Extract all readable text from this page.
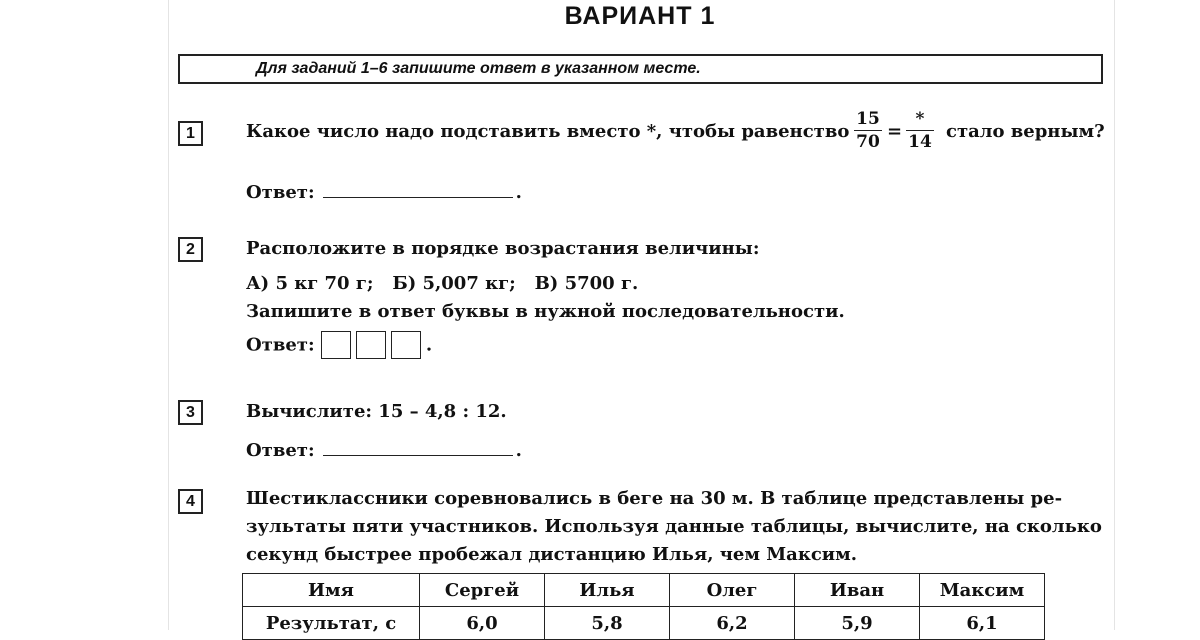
ВАРИАНТ 1
Для заданий 1–6 запишите ответ в указанном месте.
1	Какое число надо подставить вместо *, чтобы равенство
15
70 =
*
14 стало верным?
Ответ:	.
2	Расположите в порядке возрастания величины:
А) 5 кг 70 г;   Б) 5,007 кг;   В) 5700 г.
Запишите в ответ буквы в нужной последовательности.
Ответ:	.
3	Вычислите: 15 – 4,8 : 12.
Ответ:	.
4	Шестиклассники соревновались в беге на 30 м. В таблице представлены ре-
зультаты пяти участников. Используя данные таблицы, вычислите, на сколько
секунд быстрее пробежал дистанцию Илья, чем Максим.
Имя	Сергей	Илья	Олег	Иван	Максим
Результат, с	6,0	5,8	6,2	5,9	6,1
